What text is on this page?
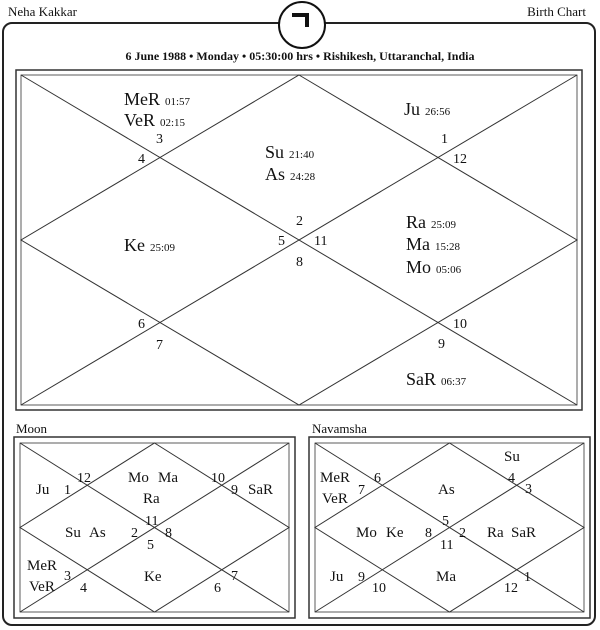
Neha Kakkar	Birth Chart
6 June 1988 • Monday • 05:30:00 hrs • Rishikesh, Uttaranchal, India
Moon	Navamsha
1
12
3
4
2
5 11
8
6
7
10
9
MeR 01:57
VeR 02:15
Ju 26:56
Su 21:40
As 24:28
Ke 25:09
Ra 25:09
Ma 15:28
Mo 05:06
SaR 06:37
12
1
10
9
11
2 8
5
3
4
7
6
Ju
Mo Ma
Ra
SaR
Su As
MeR
VeR
Ke
6
7
4
3
5
8 2
11
9
10
1
12
Su
MeR
VeR
As
Mo Ke	Ra SaR
Ju	Ma
